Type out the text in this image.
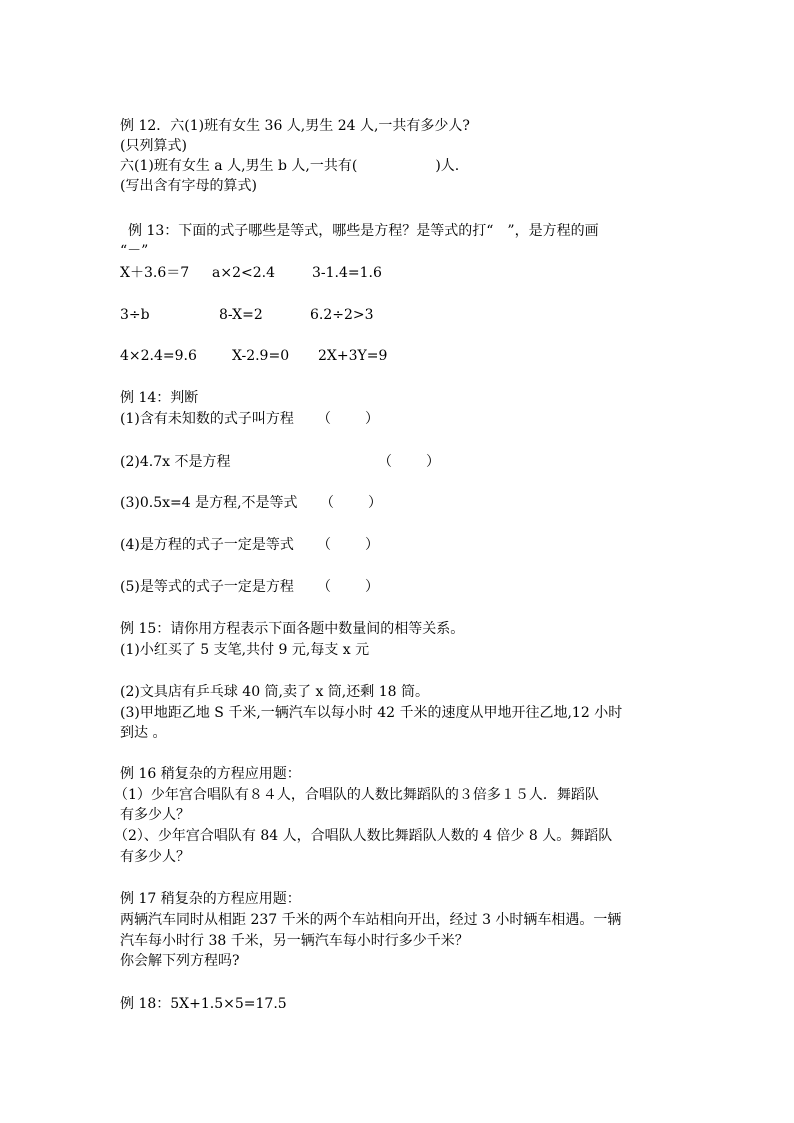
例 12．六(1)班有女生 36 人,男生 24 人,一共有多少人?
(只列算式)
六(1)班有女生 a 人,男生 b 人,一共有(	)人.
(写出含有字母的算式)
例 13：下面的式子哪些是等式，哪些是方程？是等式的打“　”，是方程的画
“－”
X＋3.6＝7 a×2<2.4	3-1.4=1.6
3÷b	8-X=2	6.2÷2>3
4×2.4=9.6	X-2.9=0 2X+3Y=9
例 14：判断
(1)含有未知数的式子叫方程 （ ）
(2)4.7x 不是方程	（ ）
(3)0.5x=4 是方程,不是等式 （ ）
(4)是方程的式子一定是等式 （ ）
(5)是等式的式子一定是方程 （ ）
例 15：请你用方程表示下面各题中数量间的相等关系。
(1)小红买了 5 支笔,共付 9 元,每支 x 元
(2)文具店有乒乓球 40 筒,卖了 x 筒,还剩 18 筒。
(3)甲地距乙地 S 千米,一辆汽车以每小时 42 千米的速度从甲地开往乙地,12 小时
到达 。
例 16 稍复杂的方程应用题：
（1）少年宫合唱队有８４人，合唱队的人数比舞蹈队的３倍多１５人．舞蹈队
有多少人？
（2）、少年宫合唱队有 84 人，合唱队人数比舞蹈队人数的 4 倍少 8 人。舞蹈队
有多少人？
例 17 稍复杂的方程应用题：
两辆汽车同时从相距 237 千米的两个车站相向开出，经过 3 小时辆车相遇。一辆
汽车每小时行 38 千米，另一辆汽车每小时行多少千米？
你会解下列方程吗?
例 18：5X+1.5×5=17.5
